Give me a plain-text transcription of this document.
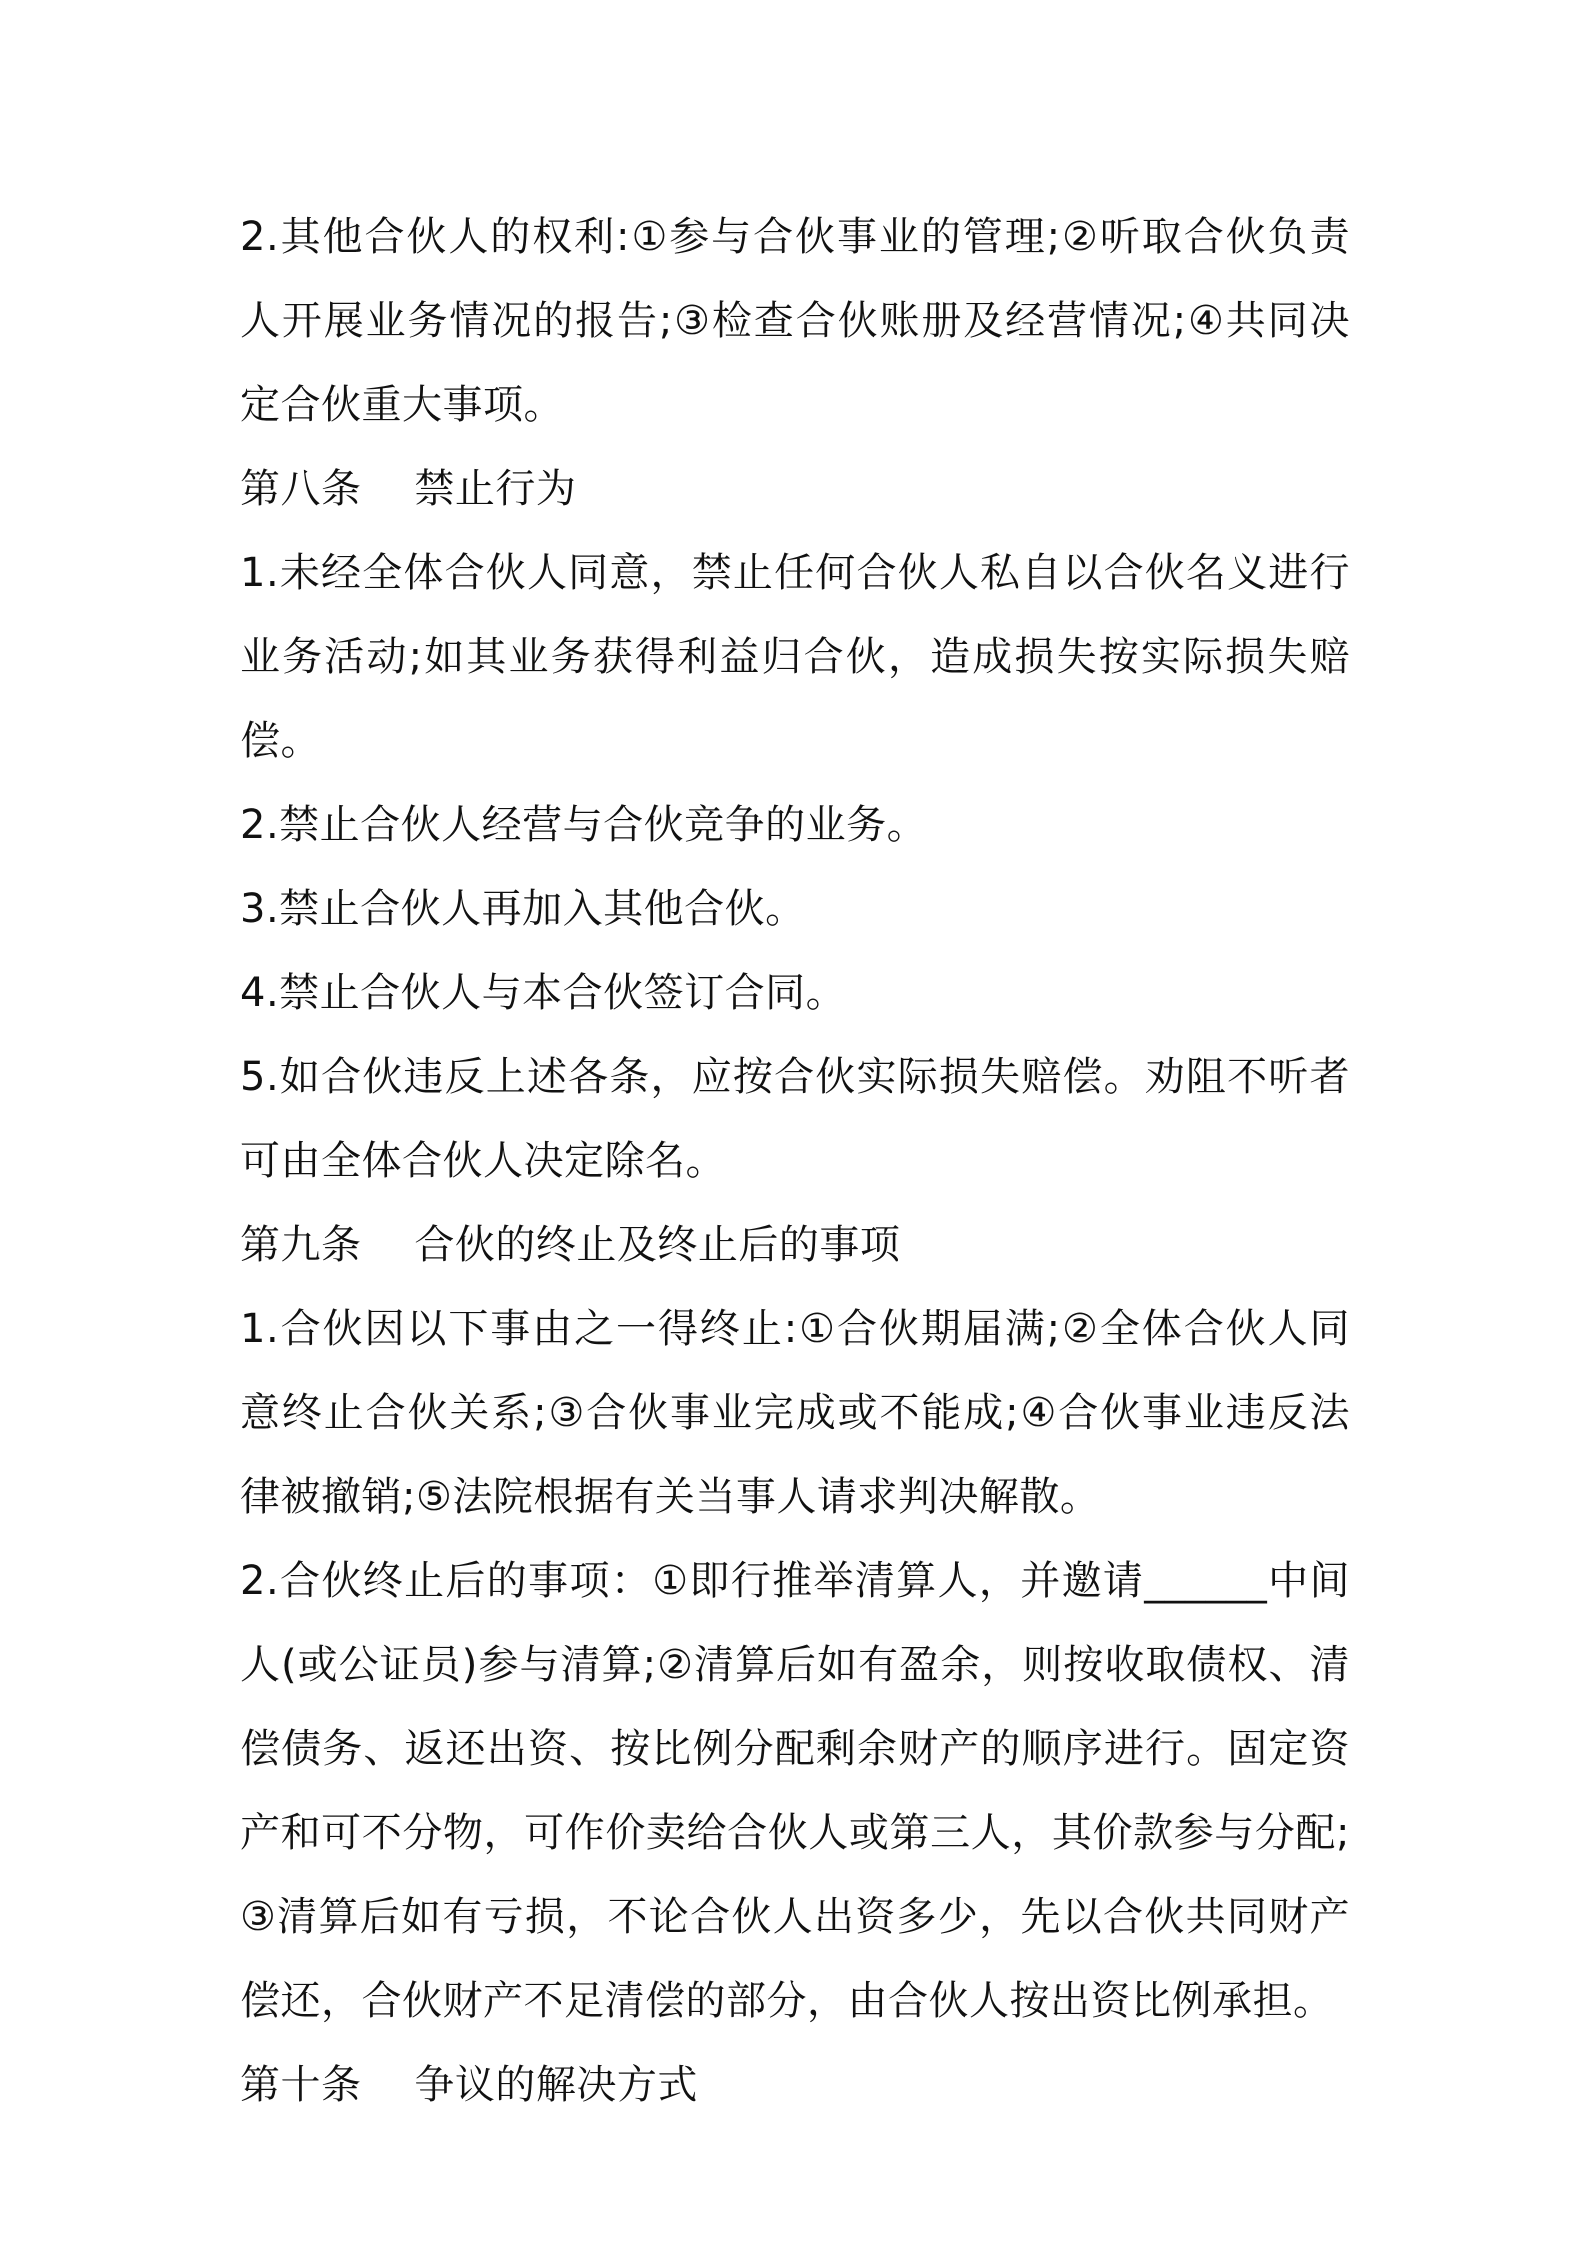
2.其他合伙人的权利:①参与合伙事业的管理;②听取合伙负责人开展业务情况的报告;③检查合伙账册及经营情况;④共同决定合伙重大事项。

第八条    禁止行为

1.未经全体合伙人同意，禁止任何合伙人私自以合伙名义进行业务活动;如其业务获得利益归合伙，造成损失按实际损失赔偿。

2.禁止合伙人经营与合伙竞争的业务。

3.禁止合伙人再加入其他合伙。

4.禁止合伙人与本合伙签订合同。

5.如合伙违反上述各条，应按合伙实际损失赔偿。劝阻不听者可由全体合伙人决定除名。

第九条    合伙的终止及终止后的事项

1.合伙因以下事由之一得终止:①合伙期届满;②全体合伙人同意终止合伙关系;③合伙事业完成或不能成;④合伙事业违反法律被撤销;⑤法院根据有关当事人请求判决解散。

2.合伙终止后的事项：①即行推举清算人，并邀请______中间人(或公证员)参与清算;②清算后如有盈余，则按收取债权、清偿债务、返还出资、按比例分配剩余财产的顺序进行。固定资产和可不分物，可作价卖给合伙人或第三人，其价款参与分配;③清算后如有亏损，不论合伙人出资多少，先以合伙共同财产偿还，合伙财产不足清偿的部分，由合伙人按出资比例承担。

第十条    争议的解决方式
